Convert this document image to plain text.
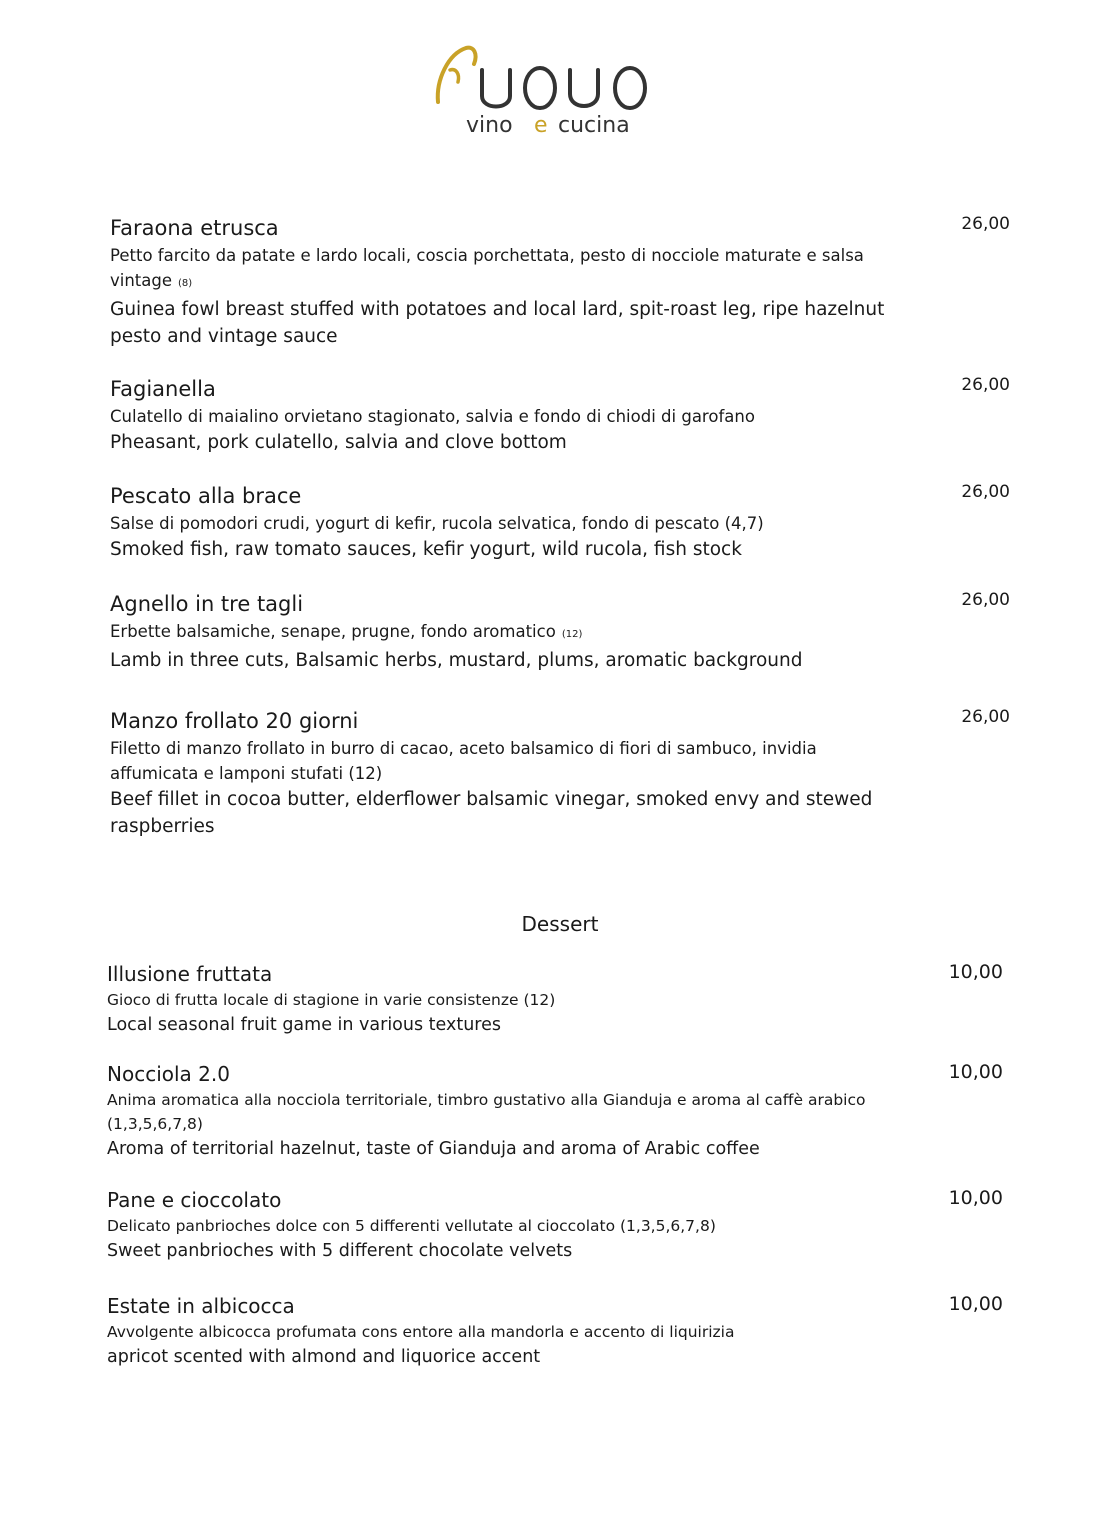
vino e cucina
Faraona etrusca
Petto farcito da patate e lardo locali, coscia porchettata, pesto di nocciole maturate e salsa vintage (8)
Guinea fowl breast stuffed with potatoes and local lard, spit-roast leg, ripe hazelnut pesto and vintage sauce
26,00
Fagianella
Culatello di maialino orvietano stagionato, salvia e fondo di chiodi di garofano
Pheasant, pork culatello, salvia and clove bottom
26,00
Pescato alla brace
Salse di pomodori crudi, yogurt di kefir, rucola selvatica, fondo di pescato (4,7)
Smoked fish, raw tomato sauces, kefir yogurt, wild rucola, fish stock
26,00
Agnello in tre tagli
Erbette balsamiche, senape, prugne, fondo aromatico (12)
Lamb in three cuts, Balsamic herbs, mustard, plums, aromatic background
26,00
Manzo frollato 20 giorni
Filetto di manzo frollato in burro di cacao, aceto balsamico di fiori di sambuco, invidia affumicata e lamponi stufati (12)
Beef fillet in cocoa butter, elderflower balsamic vinegar, smoked envy and stewed raspberries
26,00
Dessert
Illusione fruttata
Gioco di frutta locale di stagione in varie consistenze (12)
Local seasonal fruit game in various textures
10,00
Nocciola 2.0
Anima aromatica alla nocciola territoriale, timbro gustativo alla Gianduja e aroma al caffè arabico (1,3,5,6,7,8)
Aroma of territorial hazelnut, taste of Gianduja and aroma of Arabic coffee
10,00
Pane e cioccolato
Delicato panbrioches dolce con 5 differenti vellutate al cioccolato (1,3,5,6,7,8)
Sweet panbrioches with 5 different chocolate velvets
10,00
Estate in albicocca
Avvolgente albicocca profumata cons entore alla mandorla e accento di liquirizia
apricot scented with almond and liquorice accent
10,00
